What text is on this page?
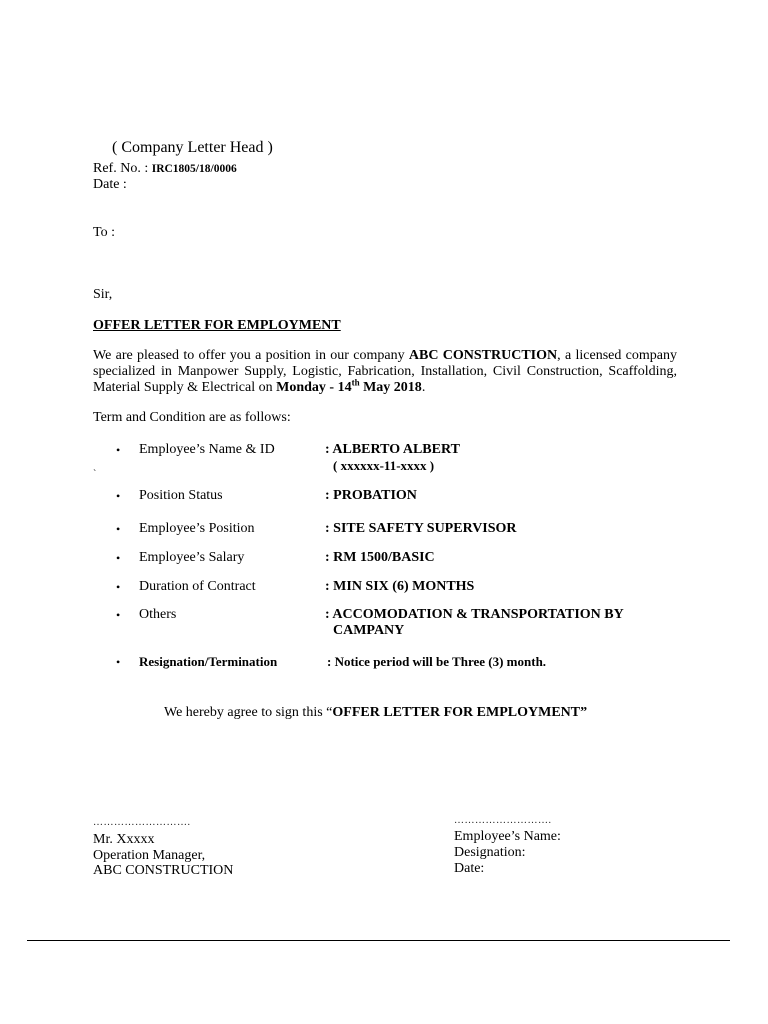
( Company Letter Head )
Ref. No. : IRC1805/18/0006
Date :
To :
Sir,
OFFER LETTER FOR EMPLOYMENT
We are pleased to offer you a position in our company ABC CONSTRUCTION, a licensed company specialized in Manpower Supply, Logistic, Fabrication, Installation, Civil Construction, Scaffolding, Material Supply & Electrical on Monday - 14th May 2018.
Term and Condition are as follows:
• Employee’s Name & ID	: ALBERTO ALBERT
( xxxxxx-11-xxxx )
`
• Position Status	: PROBATION
• Employee’s Position	: SITE SAFETY SUPERVISOR
• Employee’s Salary	: RM 1500/BASIC
• Duration of Contract	: MIN SIX (6) MONTHS
• Others	: ACCOMODATION & TRANSPORTATION BY
CAMPANY
• Resignation/Termination	: Notice period will be Three (3) month.
We hereby agree to sign this “OFFER LETTER FOR EMPLOYMENT”
……………………….
Mr. Xxxxx
Operation Manager,
ABC CONSTRUCTION
……………………….
Employee’s Name:
Designation:
Date:
